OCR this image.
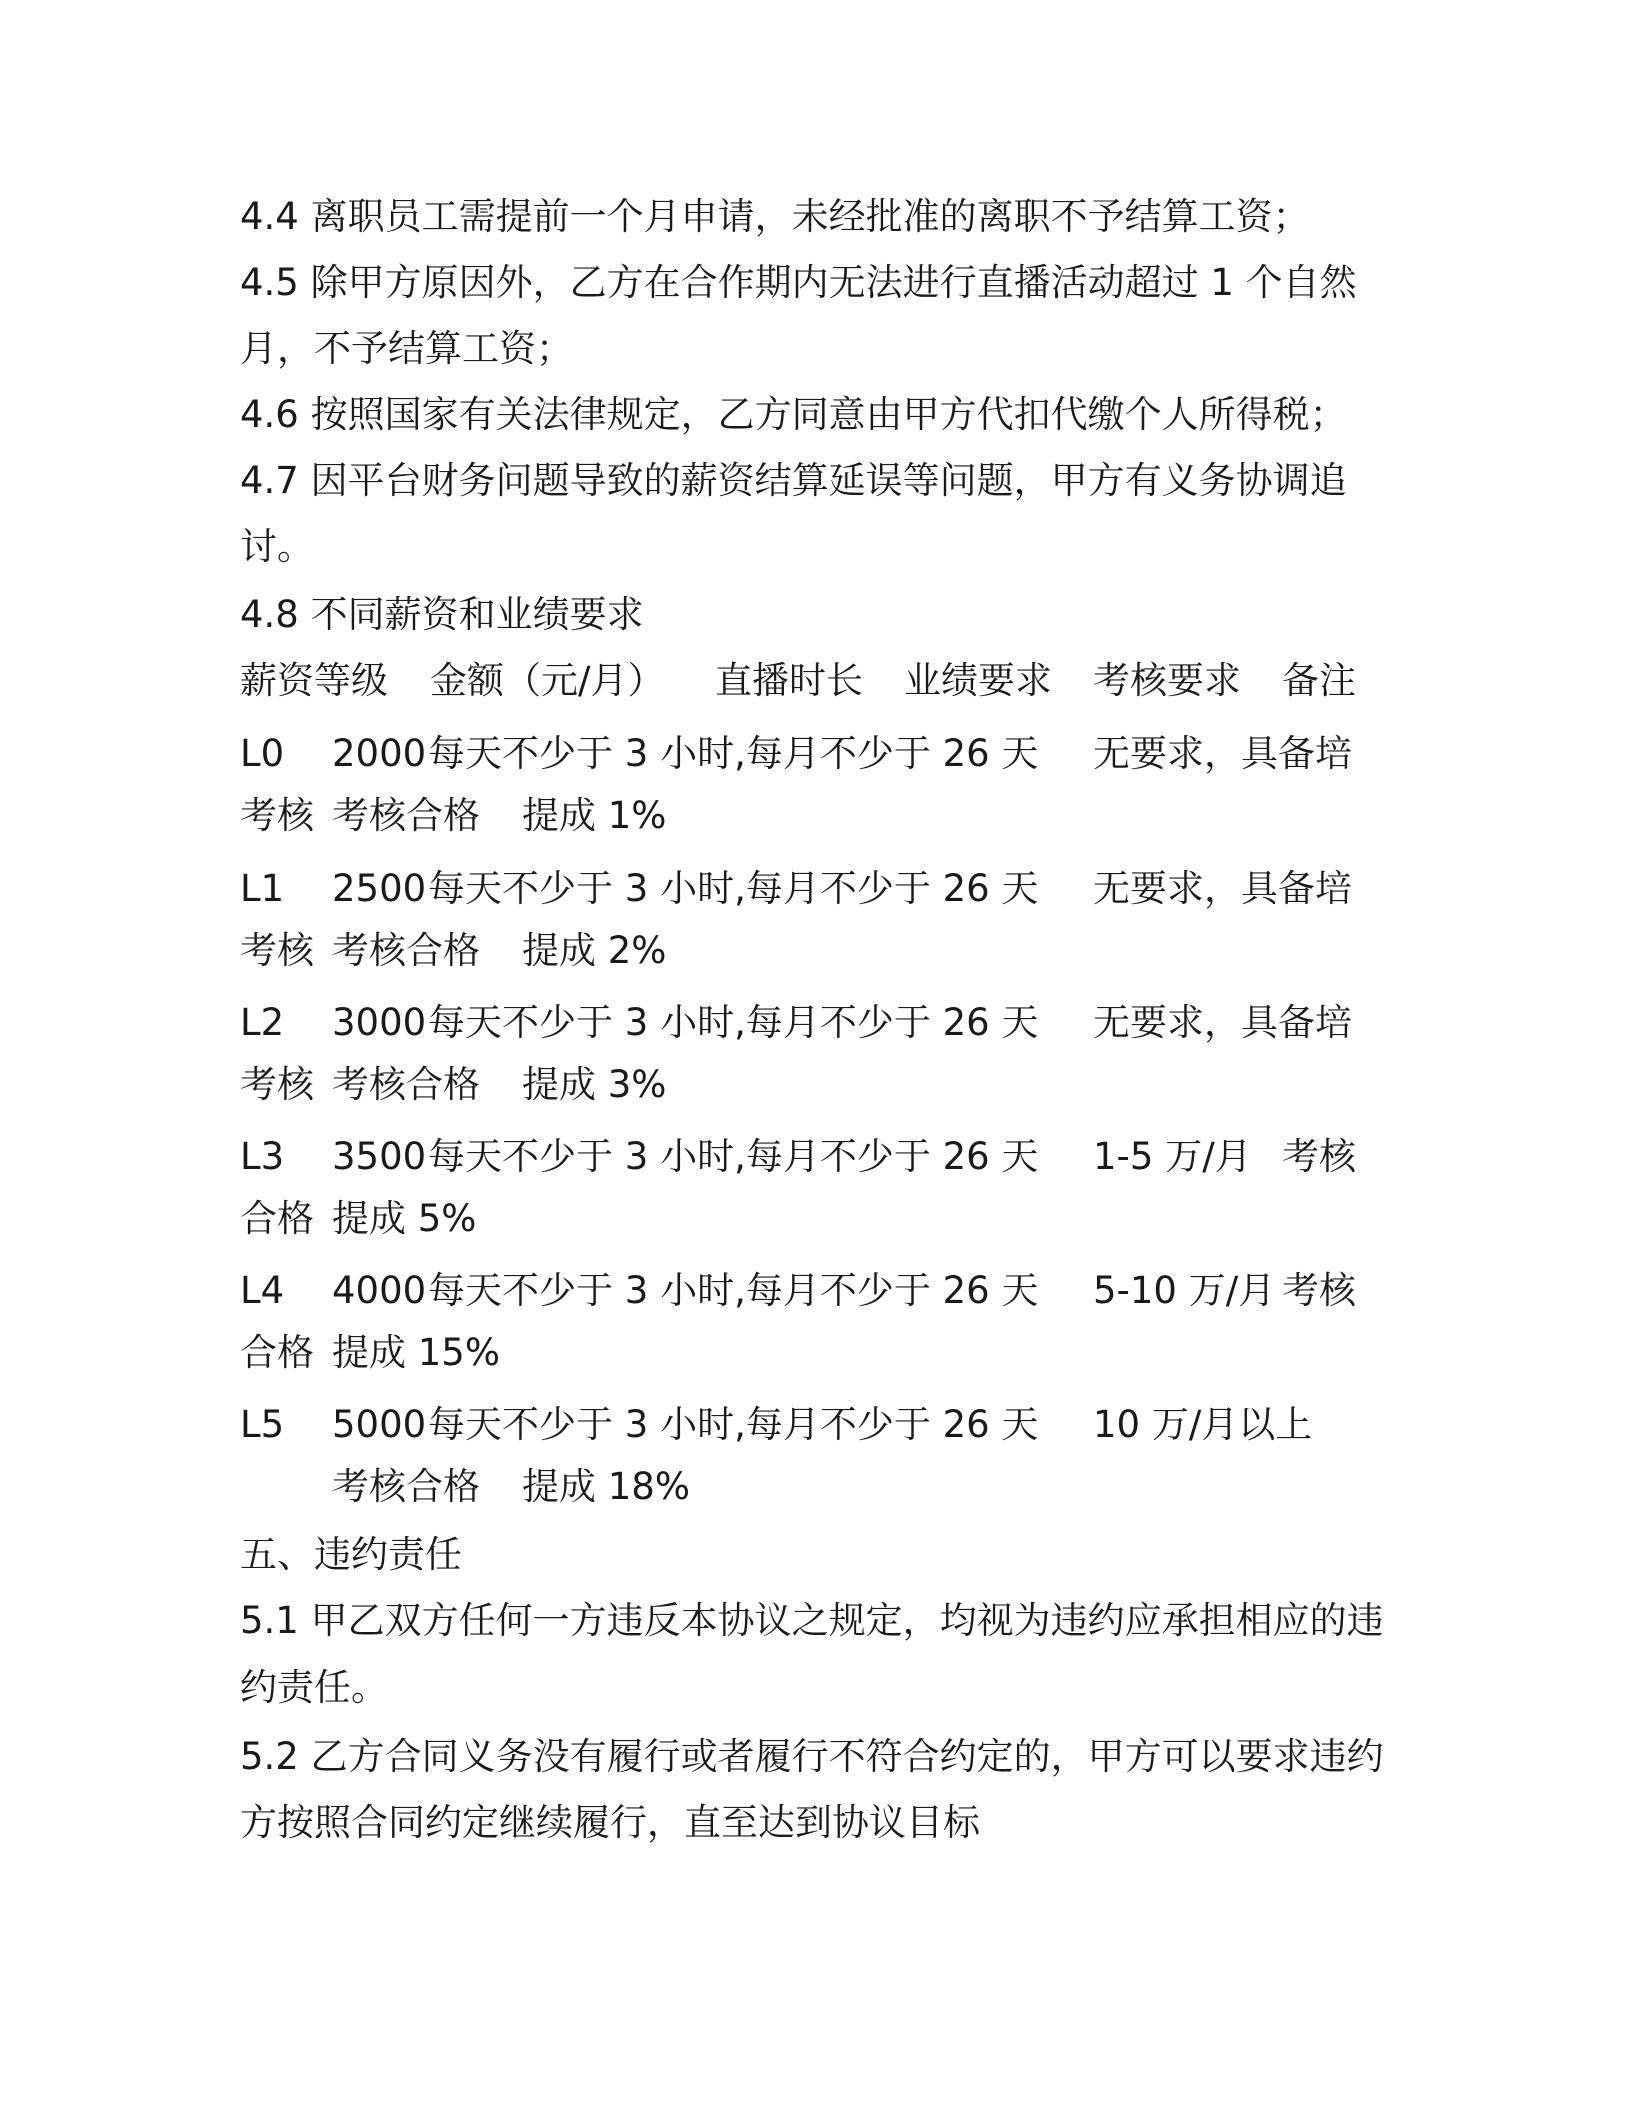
4.4 离职员工需提前一个月申请，未经批准的离职不予结算工资；
4.5 除甲方原因外，乙方在合作期内无法进行直播活动超过 1 个自然
月，不予结算工资；
4.6 按照国家有关法律规定，乙方同意由甲方代扣代缴个人所得税；
4.7 因平台财务问题导致的薪资结算延误等问题，甲方有义务协调追
讨。
4.8 不同薪资和业绩要求
薪资等级 金额（元/月） 直播时长 业绩要求 考核要求 备注
L0 2000 每天不少于 3 小时,每月不少于 26 天 无要求，具备培
考核 考核合格 提成 1%
L1 2500 每天不少于 3 小时,每月不少于 26 天 无要求，具备培
考核 考核合格 提成 2%
L2 3000 每天不少于 3 小时,每月不少于 26 天 无要求，具备培
考核 考核合格 提成 3%
L3 3500 每天不少于 3 小时,每月不少于 26 天 1-5 万/月 考核
合格 提成 5%
L4 4000 每天不少于 3 小时,每月不少于 26 天 5-10 万/月 考核
合格 提成 15%
L5 5000 每天不少于 3 小时,每月不少于 26 天 10 万/月以上
考核合格 提成 18%
五、违约责任
5.1 甲乙双方任何一方违反本协议之规定，均视为违约应承担相应的违
约责任。
5.2 乙方合同义务没有履行或者履行不符合约定的，甲方可以要求违约
方按照合同约定继续履行，直至达到协议目标
